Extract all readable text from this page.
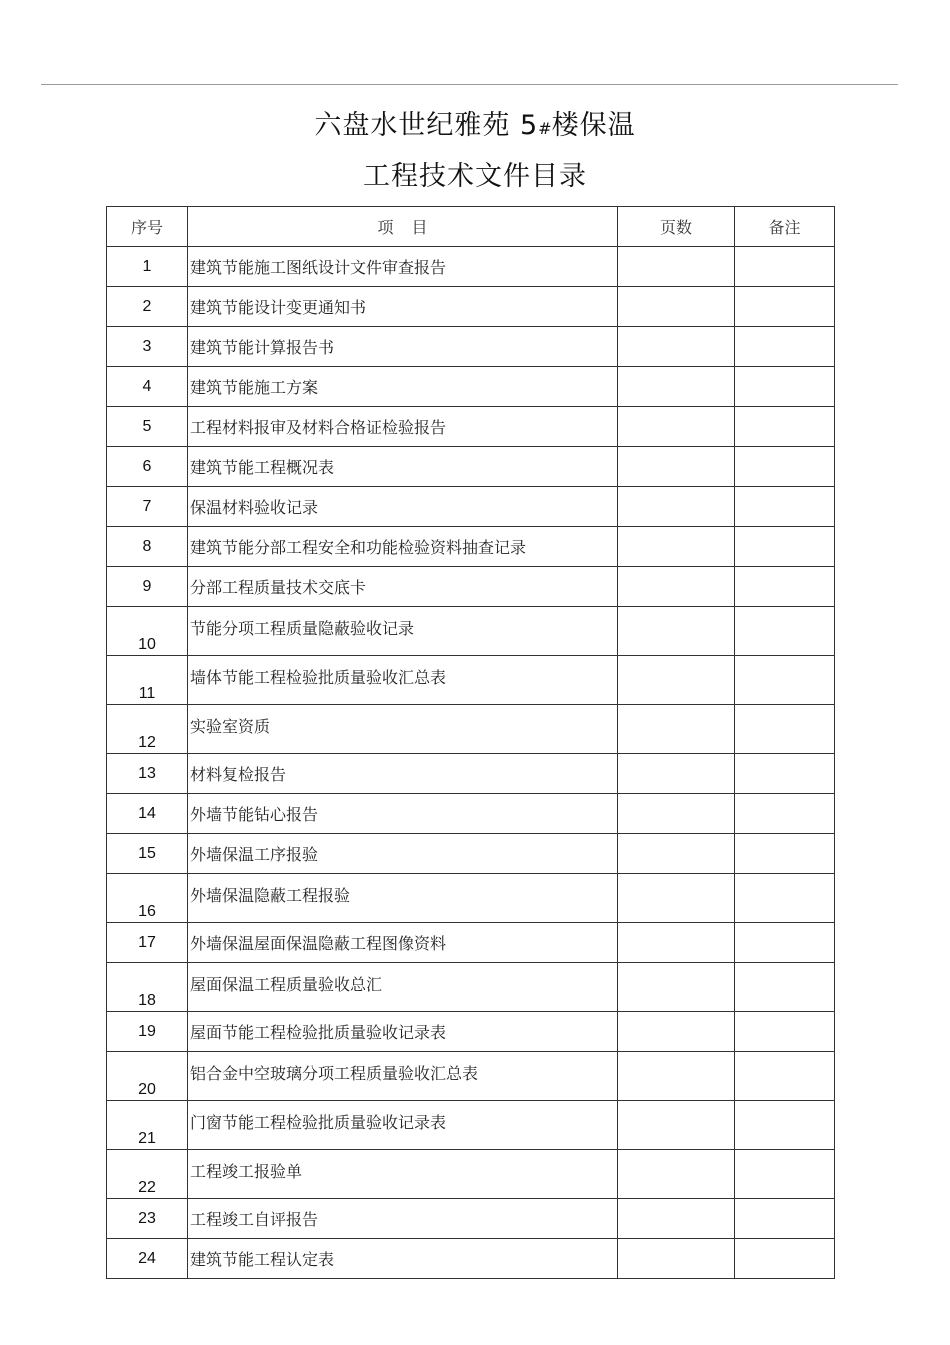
六盘水世纪雅苑 5#楼保温
工程技术文件目录
序号	项目	页数	备注
1	建筑节能施工图纸设计文件审查报告		
2	建筑节能设计变更通知书		
3	建筑节能计算报告书		
4	建筑节能施工方案		
5	工程材料报审及材料合格证检验报告		
6	建筑节能工程概况表		
7	保温材料验收记录		
8	建筑节能分部工程安全和功能检验资料抽查记录		
9	分部工程质量技术交底卡		
10	节能分项工程质量隐蔽验收记录		
11	墙体节能工程检验批质量验收汇总表		
12	实验室资质		
13	材料复检报告		
14	外墙节能钻心报告		
15	外墙保温工序报验		
16	外墙保温隐蔽工程报验		
17	外墙保温屋面保温隐蔽工程图像资料		
18	屋面保温工程质量验收总汇		
19	屋面节能工程检验批质量验收记录表		
20	铝合金中空玻璃分项工程质量验收汇总表		
21	门窗节能工程检验批质量验收记录表		
22	工程竣工报验单		
23	工程竣工自评报告		
24	建筑节能工程认定表		
